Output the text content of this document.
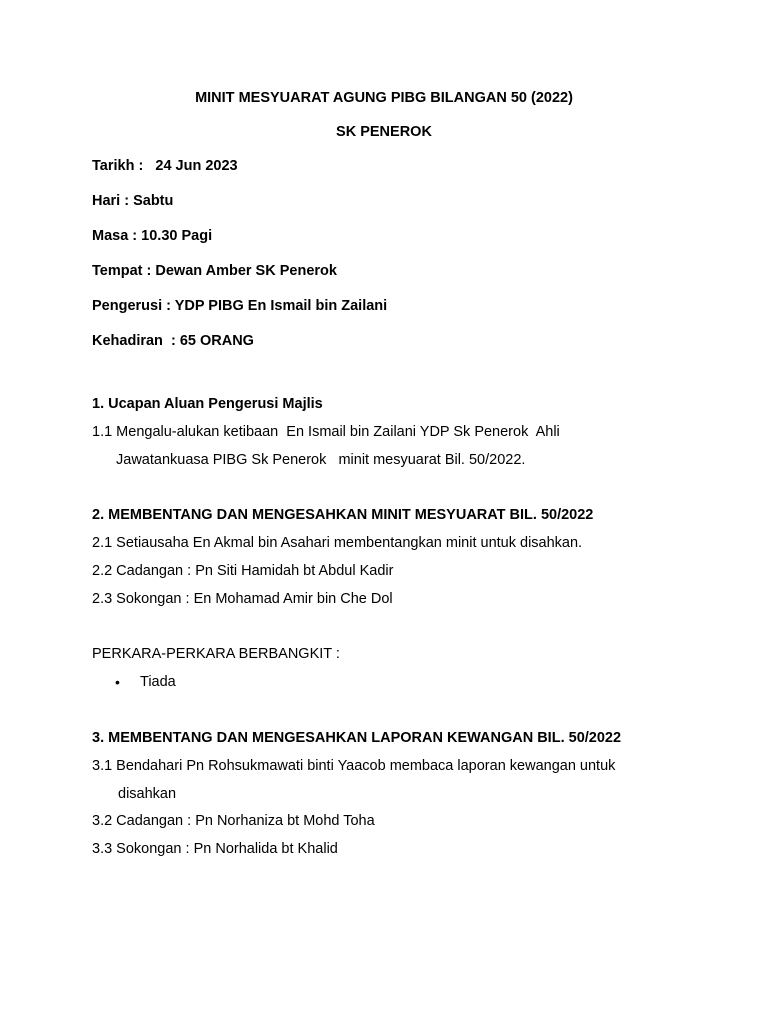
MINIT MESYUARAT AGUNG PIBG BILANGAN 50 (2022)
SK PENEROK
Tarikh :   24 Jun 2023
Hari : Sabtu
Masa : 10.30 Pagi
Tempat : Dewan Amber SK Penerok
Pengerusi : YDP PIBG En Ismail bin Zailani
Kehadiran  : 65 ORANG
1. Ucapan Aluan Pengerusi Majlis
1.1 Mengalu-alukan ketibaan  En Ismail bin Zailani YDP Sk Penerok  Ahli
Jawatankuasa PIBG Sk Penerok   minit mesyuarat Bil. 50/2022.
2. MEMBENTANG DAN MENGESAHKAN MINIT MESYUARAT BIL. 50/2022
2.1 Setiausaha En Akmal bin Asahari membentangkan minit untuk disahkan.
2.2 Cadangan : Pn Siti Hamidah bt Abdul Kadir
2.3 Sokongan : En Mohamad Amir bin Che Dol
PERKARA-PERKARA BERBANGKIT :
• Tiada
3. MEMBENTANG DAN MENGESAHKAN LAPORAN KEWANGAN BIL. 50/2022
3.1 Bendahari Pn Rohsukmawati binti Yaacob membaca laporan kewangan untuk
disahkan
3.2 Cadangan : Pn Norhaniza bt Mohd Toha
3.3 Sokongan : Pn Norhalida bt Khalid
